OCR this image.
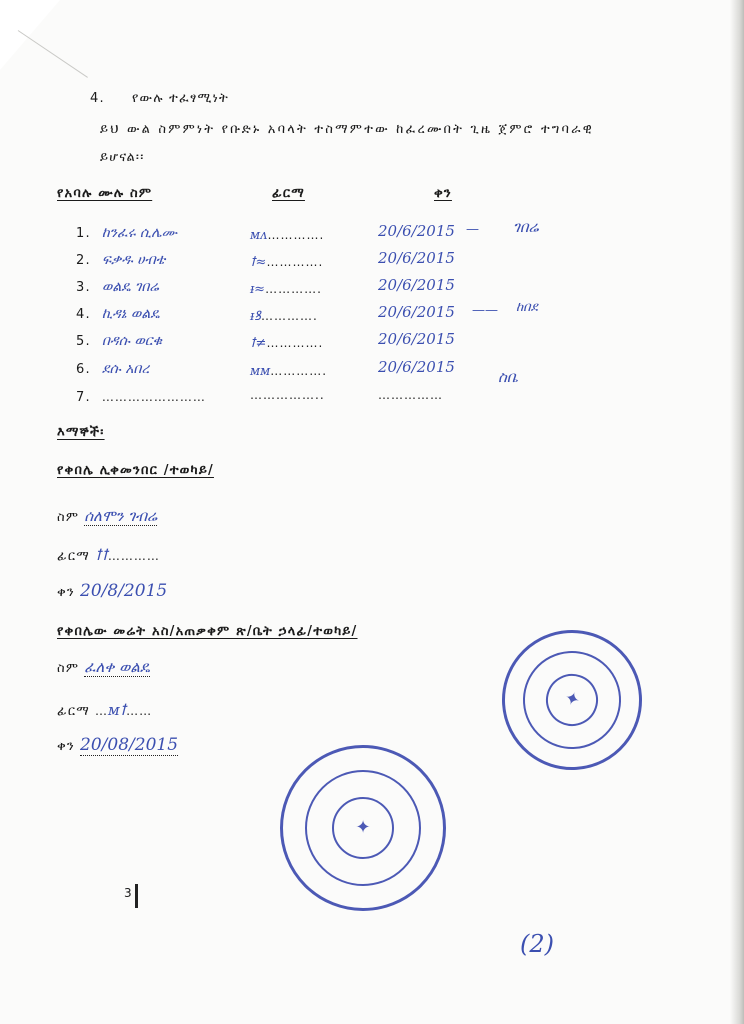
4. የውሉ ተፈፃሚነት
ይህ ውል ስምምነት የቡድኑ አባላት ተስማምተው ከፈረሙበት ጊዜ ጀምሮ ተግባራዊ
ይሆናል፡፡
የአባሉ ሙሉ ስም	ፊርማ	ቀን
1. ከንፈሩ ሲሌሙ
2. ፍቃዱ ሀብቴ
3. ወልዴ ገበሬ
4. ኪዳኔ ወልዴ
5. በዳሱ ወርቁ
6. ደሱ አበረ
7. ……………………
ᴍᴧ………….
ꝉ≈………….
ᵻ≈………….
ᵻꝸ………….
ꝉ≠………….
ᴍᴍ………….
……………..
20/6/2015
20/6/2015
20/6/2015
20/6/2015
20/6/2015
20/6/2015
……………
— ገበሬ
—— ከበደ
ስቤ
እማኞች፡
የቀበሌ ሊቀመንበር /ተወካይ/
ስም ሰለሞን ገብሬ
ፊርማ ꝉꝉ…………
ቀን 20/8/2015
የቀበሌው መሬት አስ/አጠቃቀም ጽ/ቤት ኃላፊ/ተወካይ/
ስም ፈለቀ ወልዴ
ፊርማ …ᴍꝉ……
ቀን 20/08/2015
✦
✦
3
(2)
